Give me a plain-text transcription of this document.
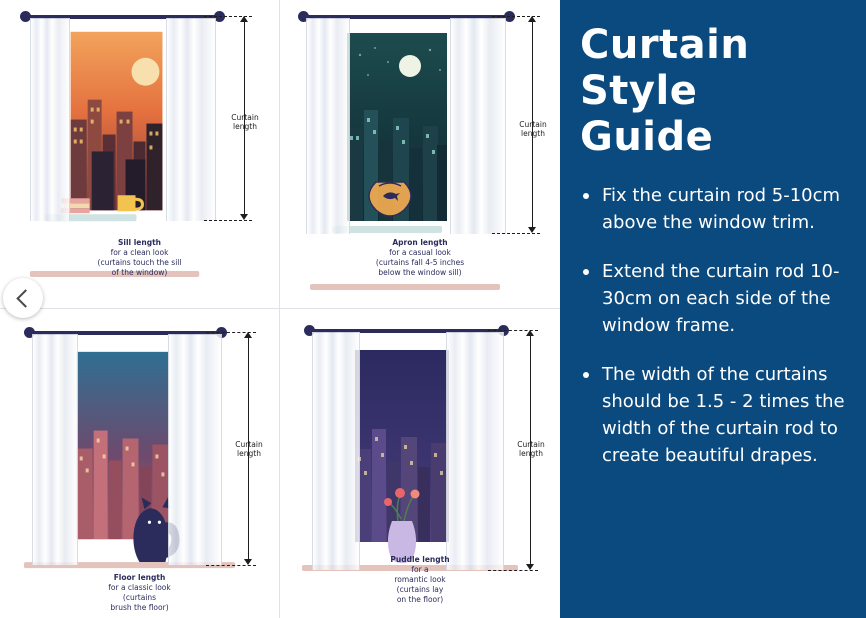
Curtain
length
Sill length
for a clean look
(curtains touch the sill
of the window)
Curtain
length
Apron length
for a casual look
(curtains fall 4-5 inches
below the window sill)
Curtain
length
Floor length
for a classic look
(curtains
brush the floor)
Curtain
length
Puddle length
for a
romantic look
(curtains lay
on the floor)
Curtain
Style
Guide
Fix the curtain rod 5-10cm above the window trim.
Extend the curtain rod 10-30cm on each side of the window frame.
The width of the curtains should be 1.5 - 2 times the width of the curtain rod to create beautiful drapes.
